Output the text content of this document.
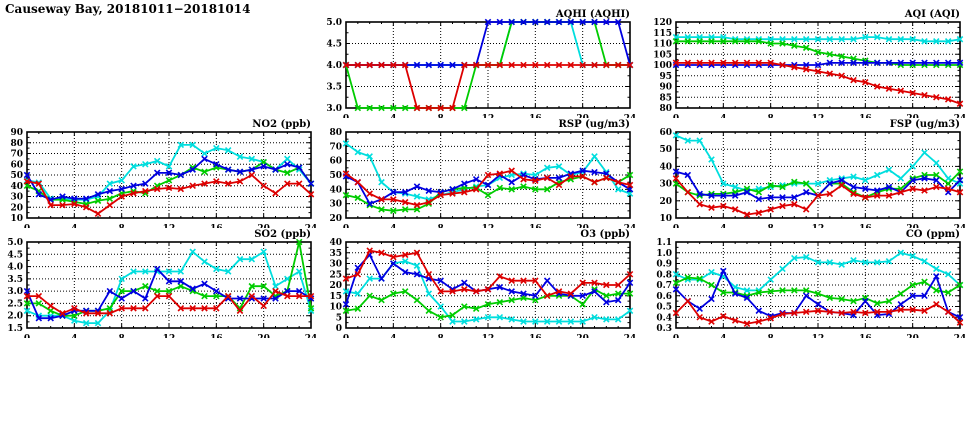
Causeway Bay, 20181011−20181014
3.0
3.5
4.0
4.5
5.0
AQHI (AQHI)
80
85
90
95
100
105
110
115
120
AQI (AQI)
10
20
30
40
50
60
70
80
90
NO2 (ppb)
20
30
40
50
60
70
80
RSP (ug/m3)
10
20
30
40
50
60
FSP (ug/m3)
1.5
2.0
2.5
3.0
3.5
4.0
4.5
5.0
SO2 (ppb)
0
5
10
15
20
25
30
35
40
O3 (ppb)
0.3
0.4
0.5
0.6
0.7
0.8
0.9
1.0
1.1
CO (ppm)
